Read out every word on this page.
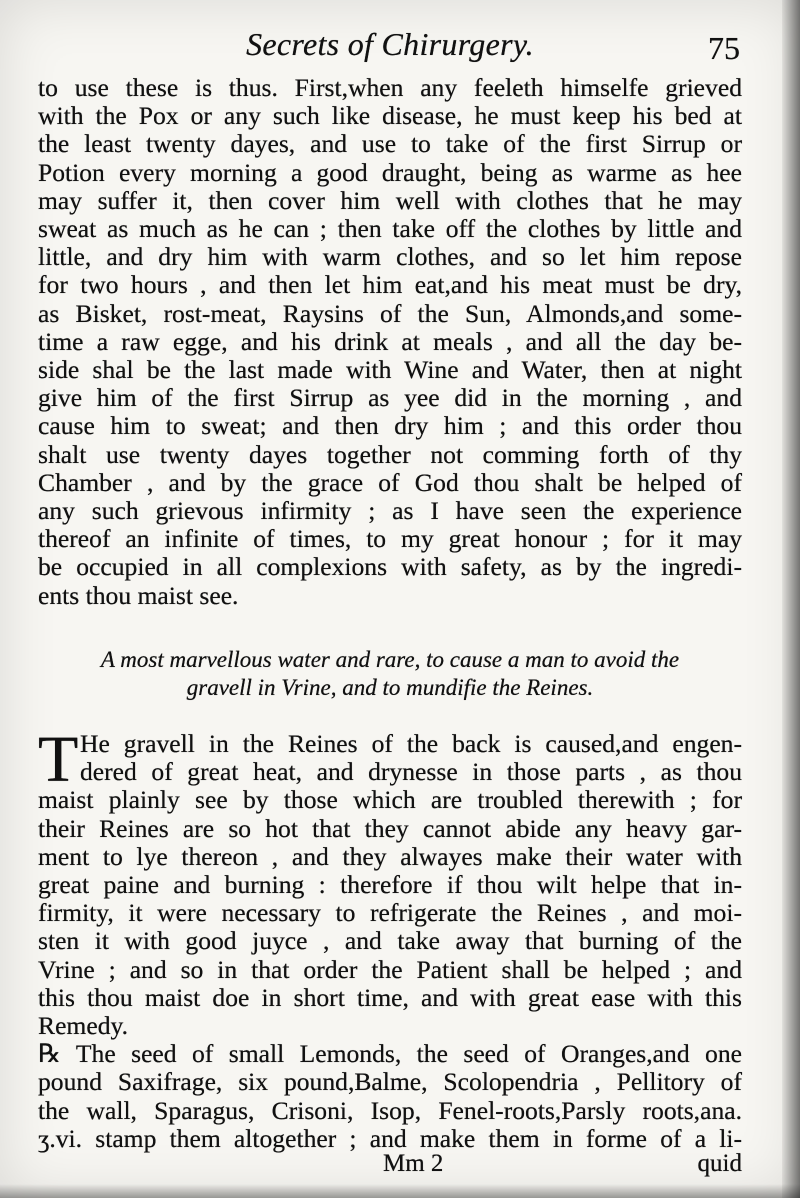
Secrets of Chirurgery.	75
to use these is thus. First,when any feeleth himselfe grieved
with the Pox or any such like disease, he must keep his bed at
the least twenty dayes, and use to take of the first Sirrup or
Potion every morning a good draught, being as warme as hee
may suffer it, then cover him well with clothes that he may
sweat as much as he can ; then take off the clothes by little and
little, and dry him with warm clothes, and so let him repose
for two hours , and then let him eat,and his meat must be dry,
as Bisket, rost-meat, Raysins of the Sun, Almonds,and some-
time a raw egge, and his drink at meals , and all the day be-
side shal be the last made with Wine and Water, then at night
give him of the first Sirrup as yee did in the morning , and
cause him to sweat; and then dry him ; and this order thou
shalt use twenty dayes together not comming forth of thy
Chamber , and by the grace of God thou shalt be helped of
any such grievous infirmity ; as I have seen the experience
thereof an infinite of times, to my great honour ; for it may
be occupied in all complexions with safety, as by the ingredi-
ents thou maist see.
A most marvellous water and rare, to cause a man to avoid the
gravell in Vrine, and to mundifie the Reines.
T He gravell in the Reines of the back is caused,and engen-
dered of great heat, and drynesse in those parts , as thou
maist plainly see by those which are troubled therewith ; for
their Reines are so hot that they cannot abide any heavy gar-
ment to lye thereon , and they alwayes make their water with
great paine and burning : therefore if thou wilt helpe that in-
firmity, it were necessary to refrigerate the Reines , and moi-
sten it with good juyce , and take away that burning of the
Vrine ; and so in that order the Patient shall be helped ; and
this thou maist doe in short time, and with great ease with this
Remedy.
℞ The seed of small Lemonds, the seed of Oranges,and one
pound Saxifrage, six pound,Balme, Scolopendria , Pellitory of
the wall, Sparagus, Crisoni, Isop, Fenel-roots,Parsly roots,ana.
ʒ.vi. stamp them altogether ; and make them in forme of a li-
Mm 2	quid
